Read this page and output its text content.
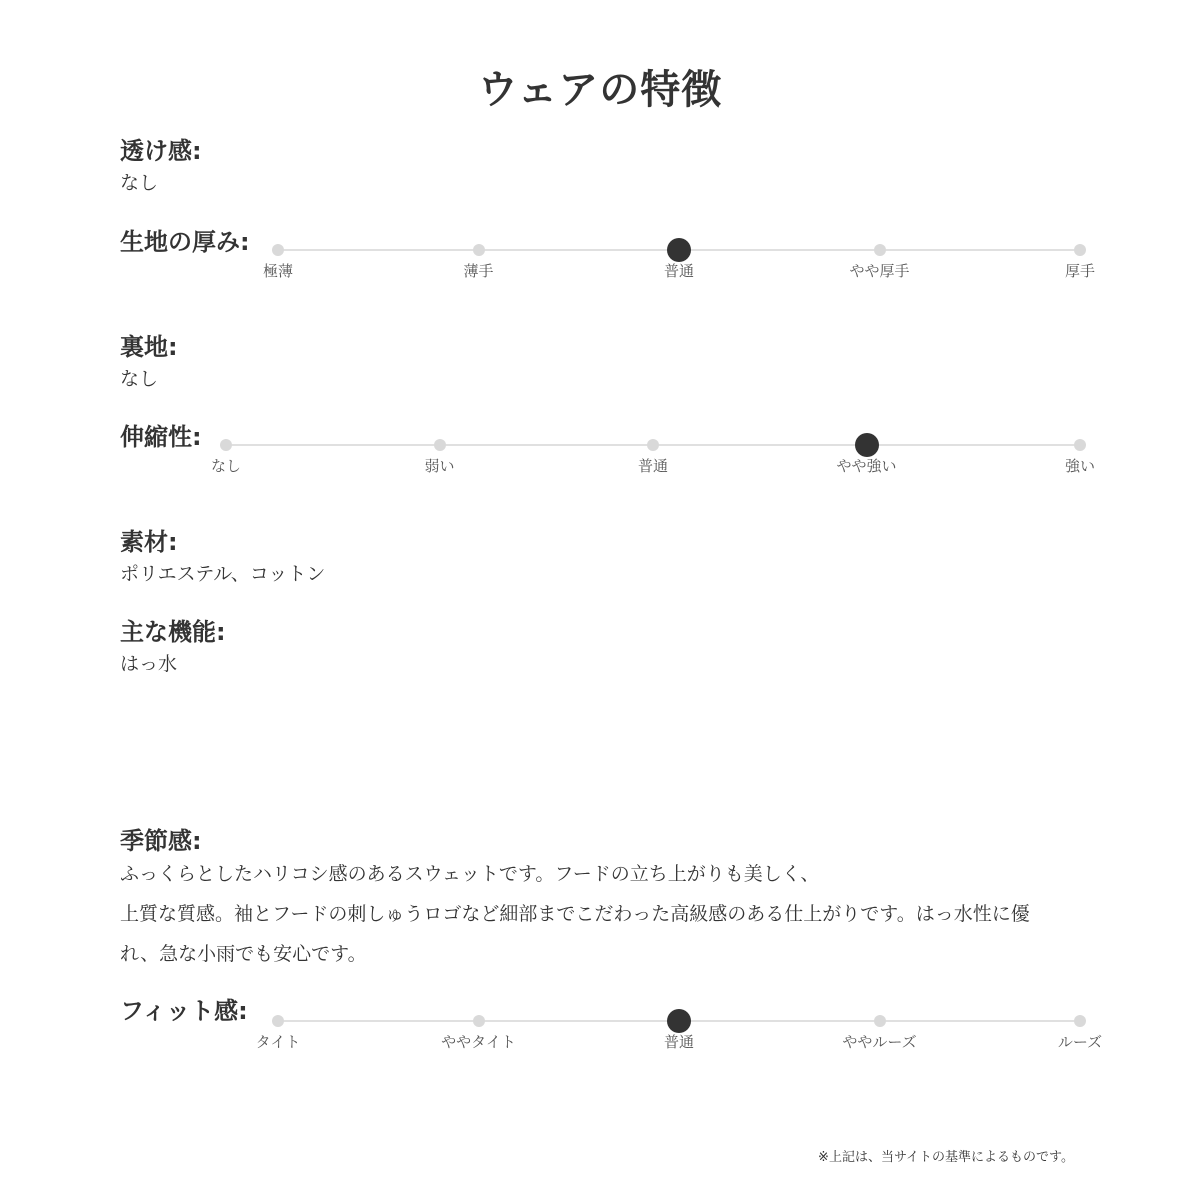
ウェアの特徴
透け感:
なし
生地の厚み:
極薄	薄手	普通	やや厚手	厚手
裏地:
なし
伸縮性:
なし	弱い	普通	やや強い	強い
素材:
ポリエステル、コットン
主な機能:
はっ水
季節感:

ふっくらとしたハリコシ感のあるスウェットです。フードの立ち上がりも美しく、

上質な質感。袖とフードの刺しゅうロゴなど細部までこだわった高級感のある仕上がりです。はっ水性に優

れ、急な小雨でも安心です。

フィット感:
タイト	ややタイト	普通	ややルーズ	ルーズ
※上記は、当サイトの基準によるものです。
